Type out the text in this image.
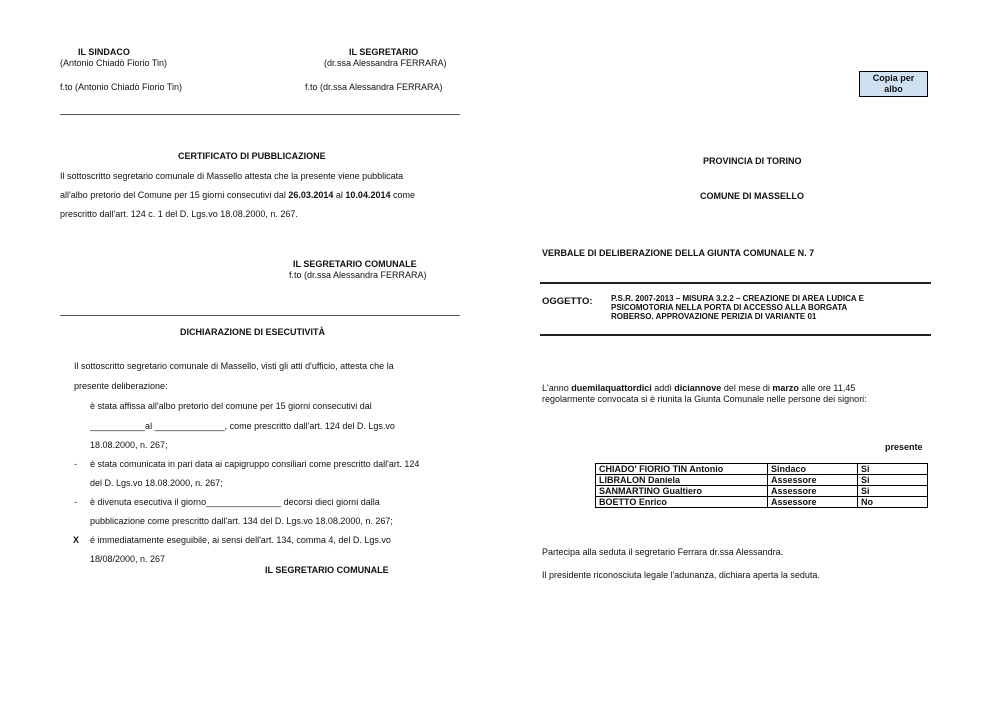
IL SINDACO
(Antonio Chiadò Fiorio Tin)
IL SEGRETARIO
(dr.ssa Alessandra FERRARA)
f.to (Antonio Chiadò Fiorio Tin)	f.to (dr.ssa Alessandra FERRARA)
CERTIFICATO DI PUBBLICAZIONE
Il sottoscritto segretario comunale di Massello attesta che la presente viene pubblicata
all'albo pretorio del Comune per 15 giorni consecutivi dal 26.03.2014 al 10.04.2014 come
prescritto dall'art. 124 c. 1 del D. Lgs.vo 18.08.2000, n. 267.
IL SEGRETARIO COMUNALE
f.to (dr.ssa Alessandra FERRARA)
DICHIARAZIONE DI ESECUTIVITÀ
Il sottoscritto segretario comunale di Massello, visti gli atti d'ufficio, attesta che la
presente deliberazione:
è stata affissa all'albo pretorio del comune per 15 giorni consecutivi dal
___________al ______________, come prescritto dall'art. 124 del D. Lgs.vo
18.08.2000, n. 267;
- è stata comunicata in pari data ai capigruppo consiliari come prescritto dall'art. 124
del D. Lgs.vo 18.08.2000, n. 267;
- è divenuta esecutiva il giorno_______________ decorsi dieci giorni dalla
pubblicazione come prescritto dall'art. 134 del D. Lgs.vo 18.08.2000, n. 267;
X é immediatamente eseguibile, ai sensi dell'art. 134, comma 4, del D. Lgs.vo
18/08/2000, n. 267
IL SEGRETARIO COMUNALE
Copia per albo
PROVINCIA DI TORINO
COMUNE DI MASSELLO
VERBALE DI DELIBERAZIONE DELLA GIUNTA COMUNALE N. 7
OGGETTO: P.S.R. 2007-2013 – MISURA 3.2.2 – CREAZIONE DI AREA LUDICA E
PSICOMOTORIA NELLA PORTA DI ACCESSO ALLA BORGATA
ROBERSO. APPROVAZIONE PERIZIA DI VARIANTE 01
L'anno duemilaquattordici addì diciannove del mese di marzo alle ore 11,45
regolarmente convocata si è riunita la Giunta Comunale nelle persone dei signori:
presente
CHIADO' FIORIO TIN Antonio	Sindaco	Si
LIBRALON Daniela	Assessore	Si
SANMARTINO Gualtiero	Assessore	Si
BOETTO Enrico	Assessore	No
Partecipa alla seduta il segretario Ferrara dr.ssa Alessandra.
Il presidente riconosciuta legale l'adunanza, dichiara aperta la seduta.
